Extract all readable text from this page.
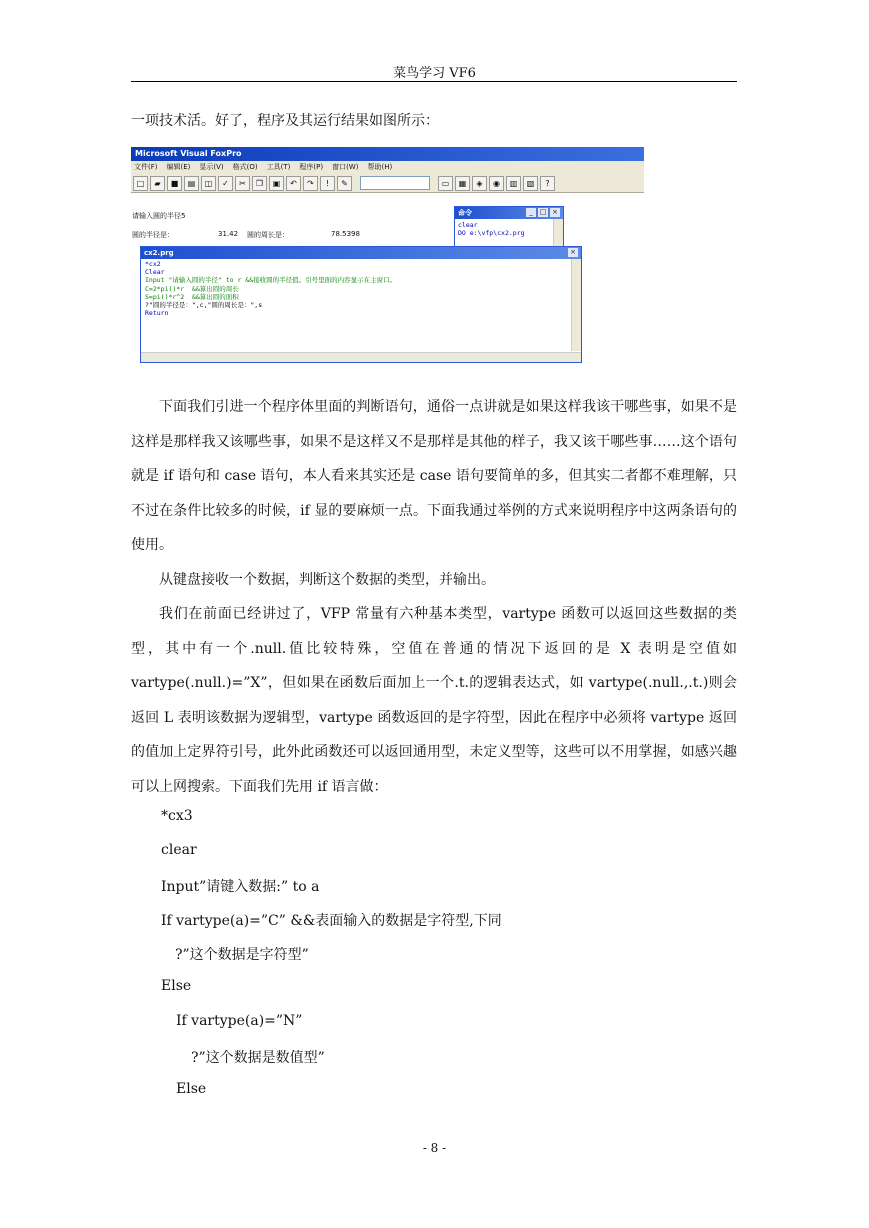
菜鸟学习 VF6
一项技术活。好了，程序及其运行结果如图所示：
Microsoft Visual FoxPro
文件(F) 编辑(E) 显示(V) 格式(O) 工具(T) 程序(P) 窗口(W) 帮助(H)
□	▰	■	▤	◫	✓	✂	❐	▣	↶	↷	!	✎	▭	▦	◈	◉	▥	▧	?
请输入圆的半径5
圆的半径是：	31.42 圆的周长是：	78.5398
命令	_ □ ×
clear
DO e:\vfp\cx2.prg
cx2.prg	×
*cx2
Clear
Input "请输入圆的半径" to r &&接收圆的半径值。引号里面的内容显示在主窗口。
C=2*pi()*r  &&算出圆的周长
S=pi()*r^2  &&算出圆的面积
?"圆的半径是：",c,"圆的周长是：",s
Return
下面我们引进一个程序体里面的判断语句，通俗一点讲就是如果这样我该干哪些事，如果不是这样是那样我又该哪些事，如果不是这样又不是那样是其他的样子，我又该干哪些事……这个语句就是 if 语句和 case 语句，本人看来其实还是 case 语句要简单的多，但其实二者都不难理解，只不过在条件比较多的时候，if 显的要麻烦一点。下面我通过举例的方式来说明程序中这两条语句的使用。
从键盘接收一个数据，判断这个数据的类型，并输出。
我们在前面已经讲过了，VFP 常量有六种基本类型，vartype 函数可以返回这些数据的类型，其中有一个.null.值比较特殊，空值在普通的情况下返回的是 X 表明是空值如 vartype(.null.)=”X”，但如果在函数后面加上一个.t.的逻辑表达式，如 vartype(.null.,.t.)则会返回 L 表明该数据为逻辑型，vartype 函数返回的是字符型，因此在程序中必须将 vartype 返回的值加上定界符引号，此外此函数还可以返回通用型，未定义型等，这些可以不用掌握，如感兴趣可以上网搜索。下面我们先用 if 语言做：
*cx3
clear
Input”请键入数据:” to a
If vartype(a)=”C” &&表面输入的数据是字符型,下同
?”这个数据是字符型”
Else
If vartype(a)=”N”
?”这个数据是数值型”
Else
- 8 -
